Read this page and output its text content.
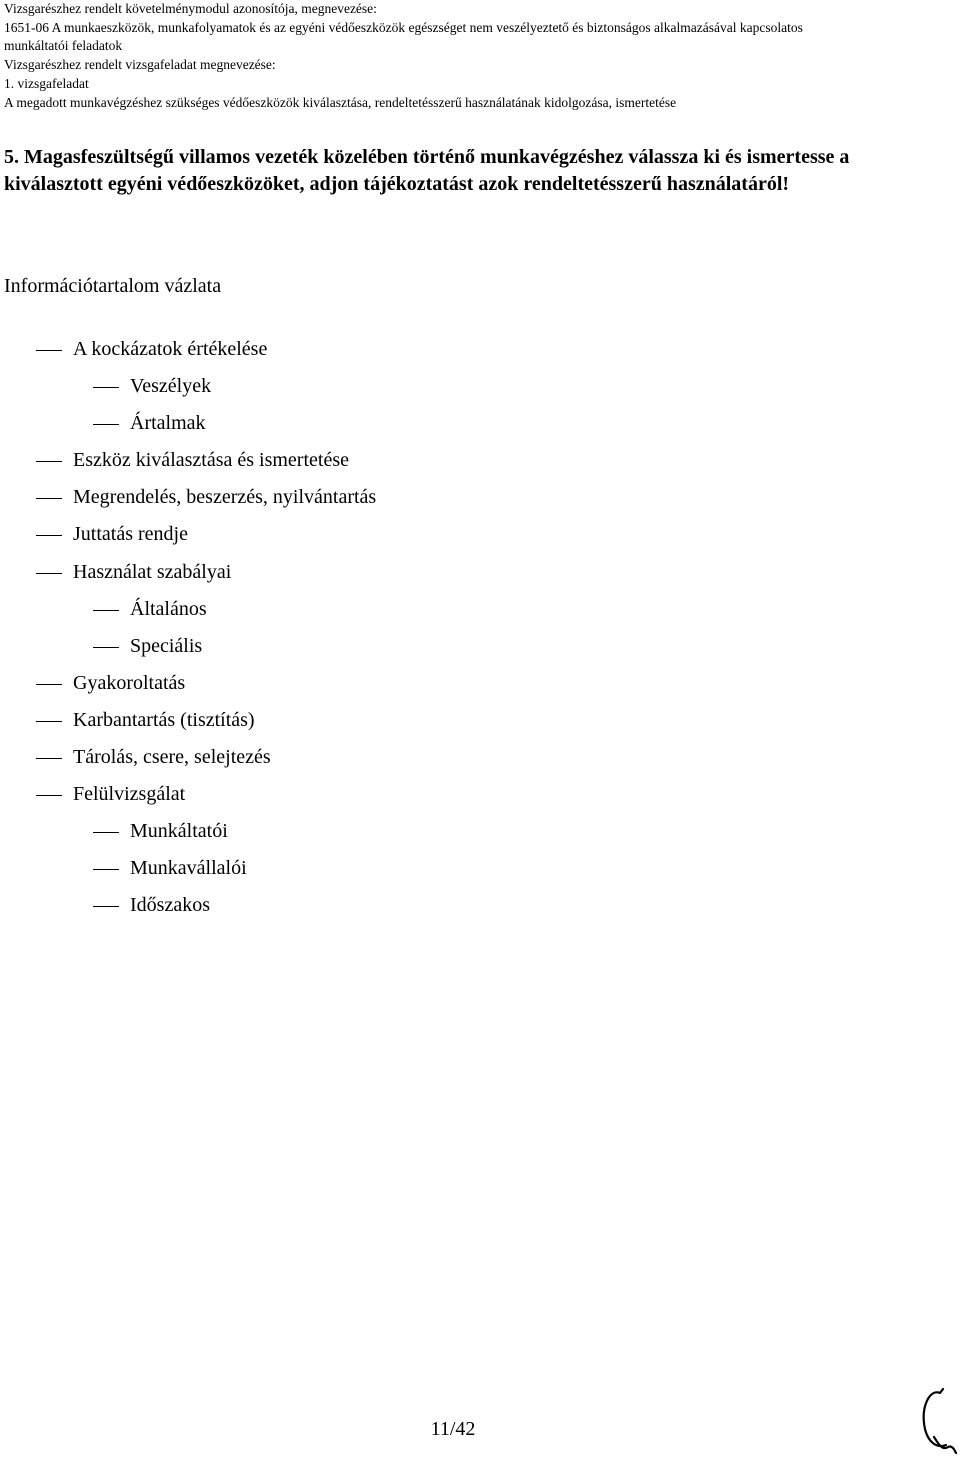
Vizsgarészhez rendelt követelménymodul azonosítója, megnevezése:
1651-06 A munkaeszközök, munkafolyamatok és az egyéni védőeszközök egészséget nem veszélyeztető és biztonságos alkalmazásával kapcsolatos
munkáltatói feladatok
Vizsgarészhez rendelt vizsgafeladat megnevezése:
1. vizsgafeladat
A megadott munkavégzéshez szükséges védőeszközök kiválasztása, rendeltetésszerű használatának kidolgozása, ismertetése
5. Magasfeszültségű villamos vezeték közelében történő munkavégzéshez válassza ki és ismertesse a kiválasztott egyéni védőeszközöket, adjon tájékoztatást azok rendeltetésszerű használatáról!
Információtartalom vázlata
A kockázatok értékelése
Veszélyek
Ártalmak
Eszköz kiválasztása és ismertetése
Megrendelés, beszerzés, nyilvántartás
Juttatás rendje
Használat szabályai
Általános
Speciális
Gyakoroltatás
Karbantartás (tisztítás)
Tárolás, csere, selejtezés
Felülvizsgálat
Munkáltatói
Munkavállalói
Időszakos
11/42
